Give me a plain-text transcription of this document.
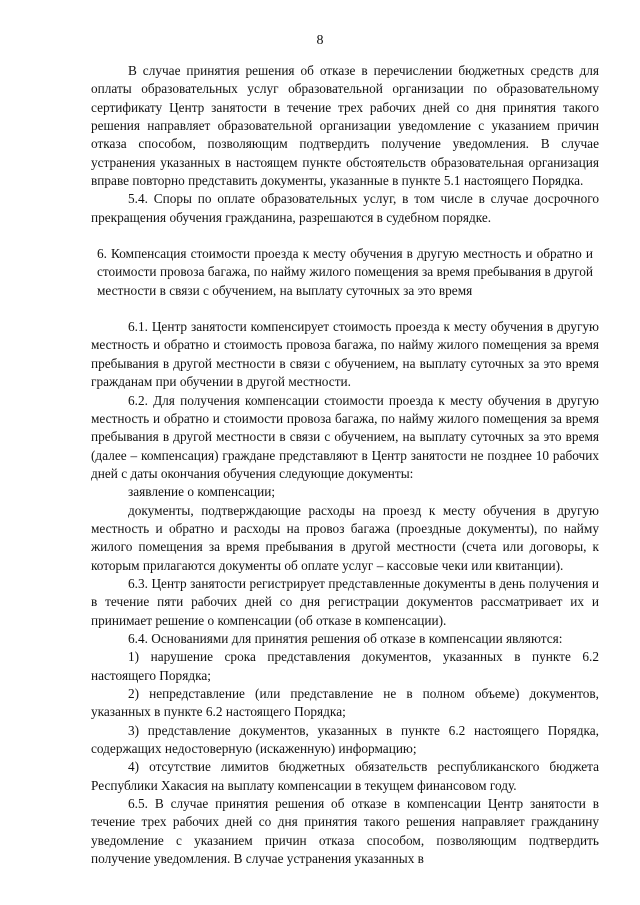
8

В случае принятия решения об отказе в перечислении бюджетных средств для оплаты образовательных услуг образовательной организации по образовательному сертификату Центр занятости в течение трех рабочих дней со дня принятия такого решения направляет образовательной организации уведомление с указанием причин отказа способом, позволяющим подтвердить получение уведомления. В случае устранения указанных в настоящем пункте обстоятельств образовательная организация вправе повторно представить документы, указанные в пункте 5.1 настоящего Порядка.

5.4. Споры по оплате образовательных услуг, в том числе в случае досрочного прекращения обучения гражданина, разрешаются в судебном порядке.

6. Компенсация стоимости проезда к месту обучения в другую местность и обратно и стоимости провоза багажа, по найму жилого помещения за время пребывания в другой местности в связи с обучением, на выплату суточных за это время

6.1. Центр занятости компенсирует стоимость проезда к месту обучения в другую местность и обратно и стоимость провоза багажа, по найму жилого помещения за время пребывания в другой местности в связи с обучением, на выплату суточных за это время гражданам при обучении в другой местности.

6.2. Для получения компенсации стоимости проезда к месту обучения в другую местность и обратно и стоимости провоза багажа, по найму жилого помещения за время пребывания в другой местности в связи с обучением, на выплату суточных за это время (далее – компенсация) граждане представляют в Центр занятости не позднее 10 рабочих дней с даты окончания обучения следующие документы:

заявление о компенсации;

документы, подтверждающие расходы на проезд к месту обучения в другую местность и обратно и расходы на провоз багажа (проездные документы), по найму жилого помещения за время пребывания в другой местности (счета или договоры, к которым прилагаются документы об оплате услуг – кассовые чеки или квитанции).

6.3. Центр занятости регистрирует представленные документы в день получения и в течение пяти рабочих дней со дня регистрации документов рассматривает их и принимает решение о компенсации (об отказе в компенсации).

6.4. Основаниями для принятия решения об отказе в компенсации являются:

1) нарушение срока представления документов, указанных в пункте 6.2 настоящего Порядка;

2) непредставление (или представление не в полном объеме) документов, указанных в пункте 6.2 настоящего Порядка;

3) представление документов, указанных в пункте 6.2 настоящего Порядка, содержащих недостоверную (искаженную) информацию;

4) отсутствие лимитов бюджетных обязательств республиканского бюджета Республики Хакасия на выплату компенсации в текущем финансовом году.

6.5. В случае принятия решения об отказе в компенсации Центр занятости в течение трех рабочих дней со дня принятия такого решения направляет гражданину уведомление с указанием причин отказа способом, позволяющим подтвердить получение уведомления. В случае устранения указанных в
